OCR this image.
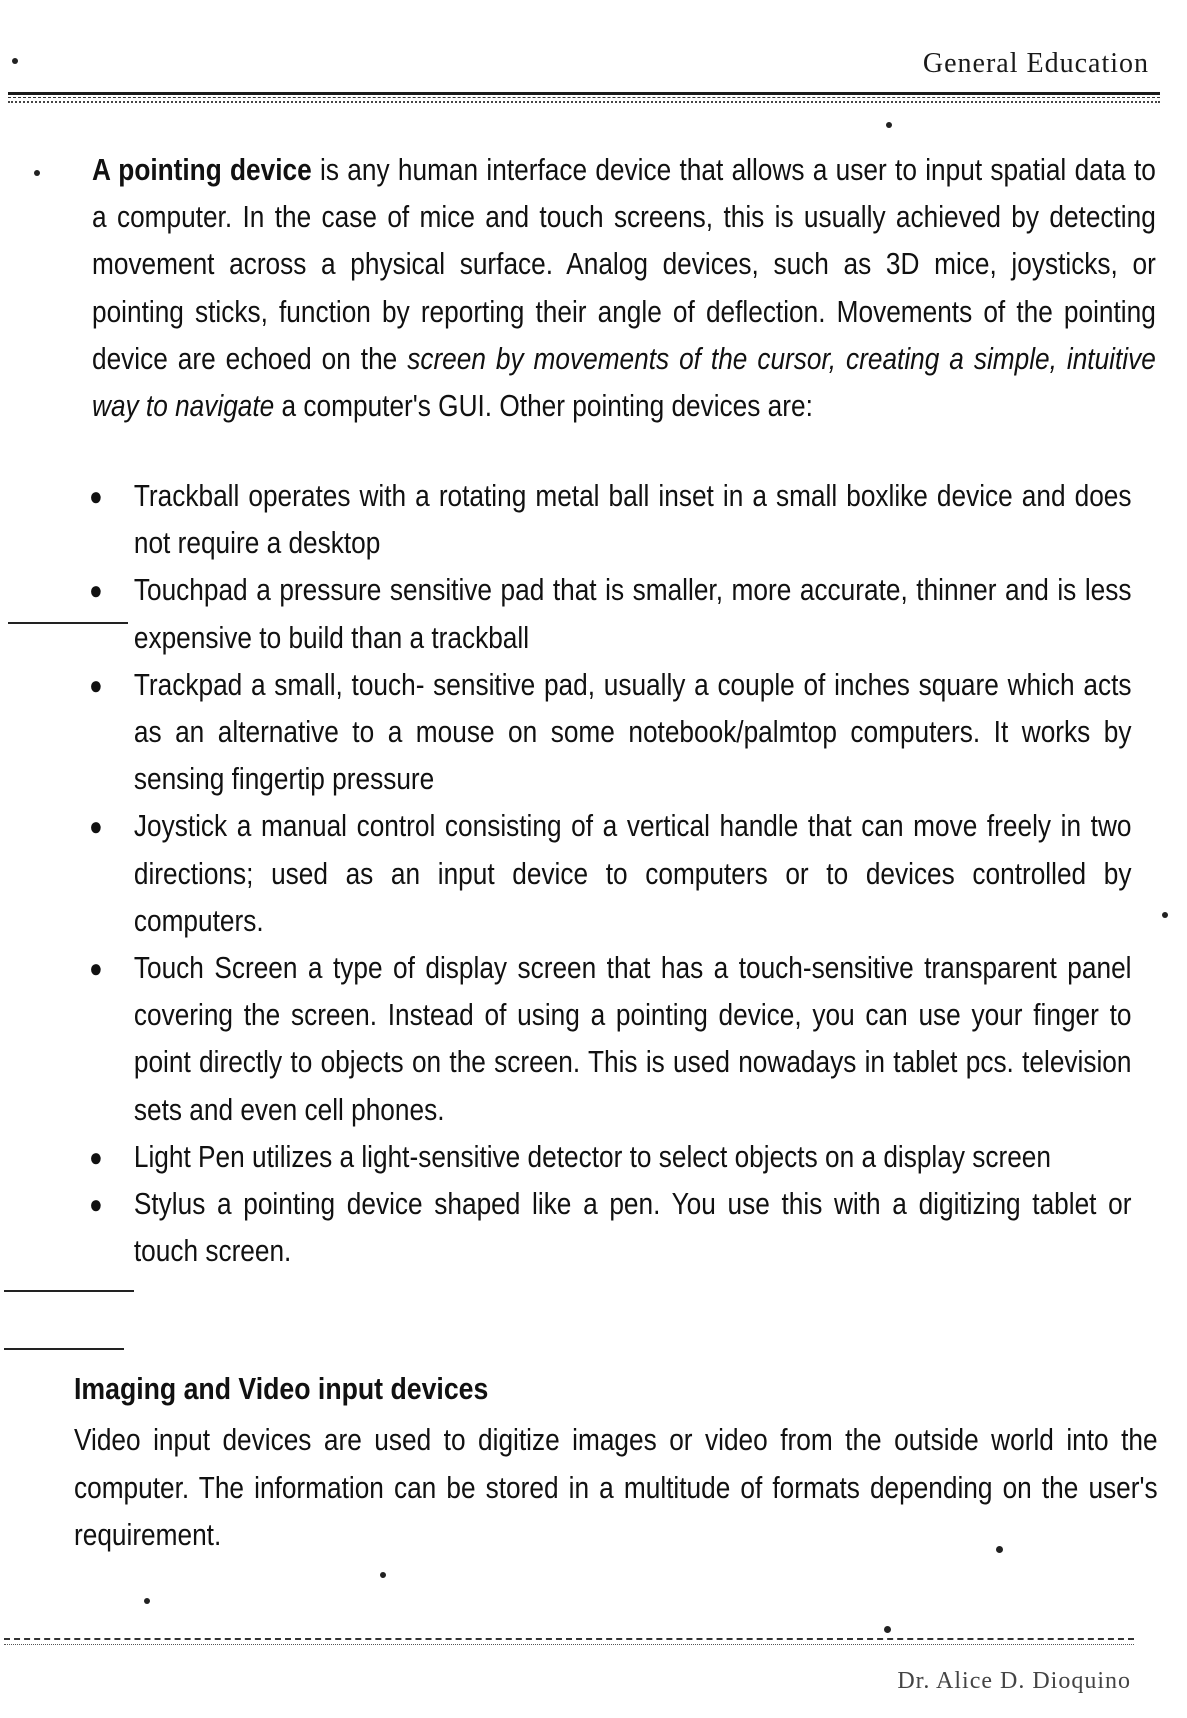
General Education
A pointing device is any human interface device that allows a user to input spatial data to a computer. In the case of mice and touch screens, this is usually achieved by detecting movement across a physical surface. Analog devices, such as 3D mice, joysticks, or pointing sticks, function by reporting their angle of deflection. Movements of the pointing device are echoed on the screen by movements of the cursor, creating a simple, intuitive way to navigate a computer's GUI. Other pointing devices are:
● Trackball operates with a rotating metal ball inset in a small boxlike device and does not require a desktop
● Touchpad a pressure sensitive pad that is smaller, more accurate, thinner and is less expensive to build than a trackball
● Trackpad a small, touch- sensitive pad, usually a couple of inches square which acts as an alternative to a mouse on some notebook/palmtop computers. It works by sensing fingertip pressure
● Joystick a manual control consisting of a vertical handle that can move freely in two directions; used as an input device to computers or to devices controlled by computers.
● Touch Screen a type of display screen that has a touch-sensitive transparent panel covering the screen. Instead of using a pointing device, you can use your finger to point directly to objects on the screen. This is used nowadays in tablet pcs. television sets and even cell phones.
● Light Pen utilizes a light-sensitive detector to select objects on a display screen
● Stylus a pointing device shaped like a pen. You use this with a digitizing tablet or touch screen.
Imaging and Video input devices
Video input devices are used to digitize images or video from the outside world into the computer. The information can be stored in a multitude of formats depending on the user's requirement.
Dr. Alice D. Dioquino
